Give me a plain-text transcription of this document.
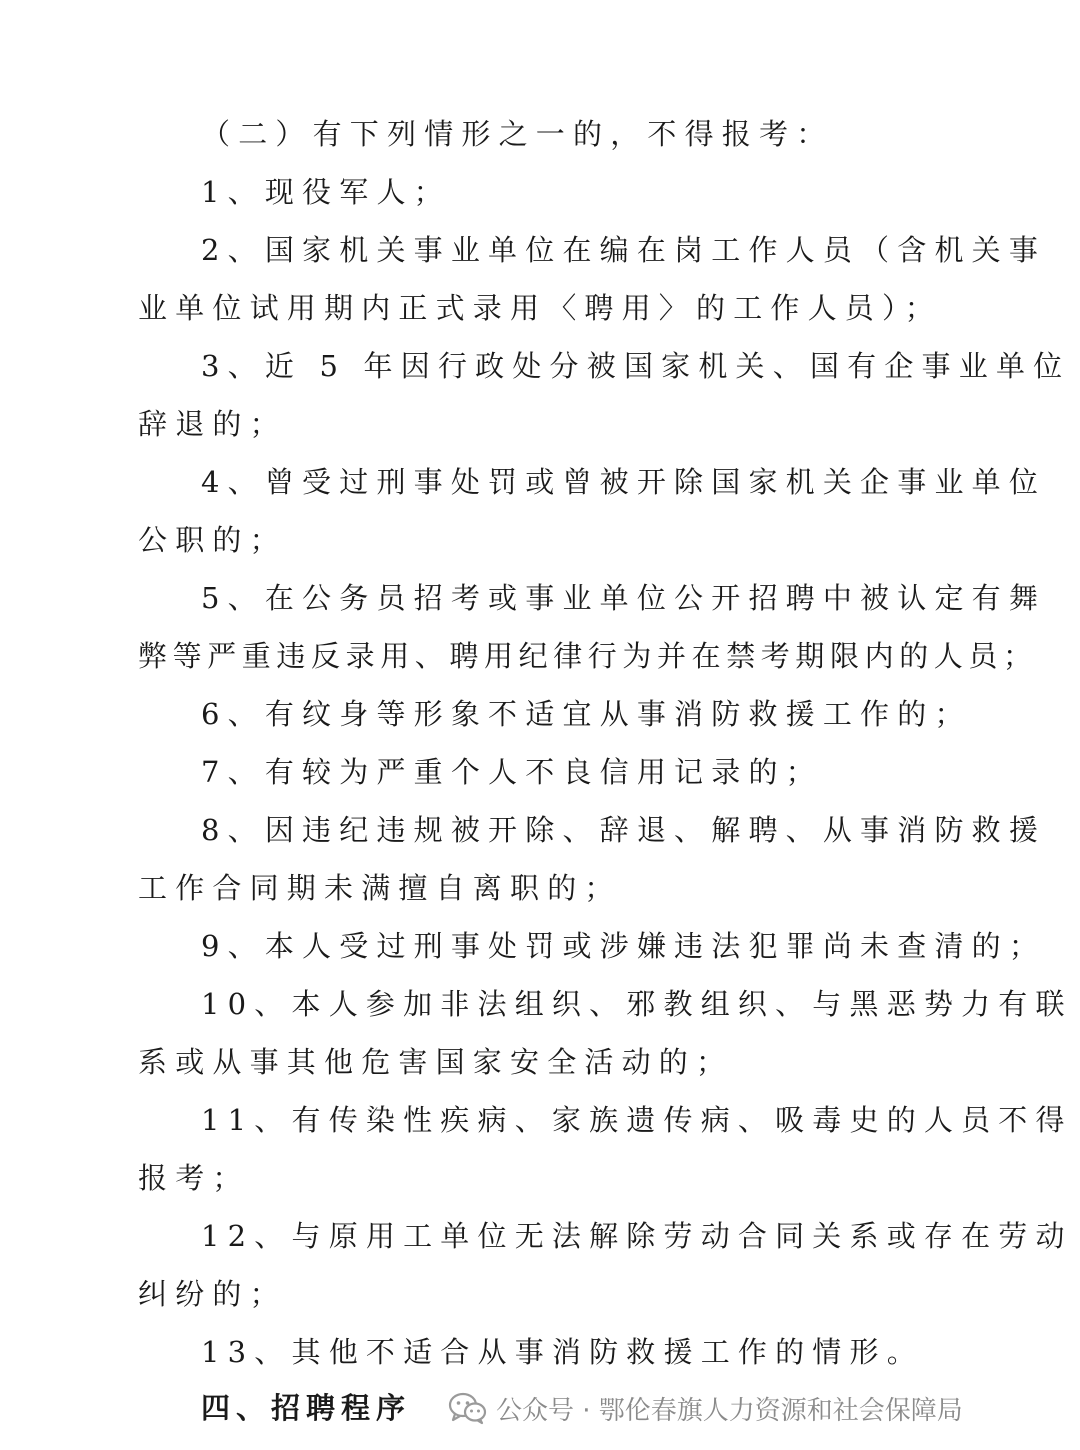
（二）有下列情形之一的，不得报考：
1、现役军人；
2、国家机关事业单位在编在岗工作人员（含机关事
业单位试用期内正式录用〈聘用〉的工作人员）；
3、近 5 年因行政处分被国家机关、国有企事业单位
辞退的；
4、曾受过刑事处罚或曾被开除国家机关企事业单位
公职的；
5、在公务员招考或事业单位公开招聘中被认定有舞
弊等严重违反录用、聘用纪律行为并在禁考期限内的人员；
6、有纹身等形象不适宜从事消防救援工作的；
7、有较为严重个人不良信用记录的；
8、因违纪违规被开除、辞退、解聘、从事消防救援
工作合同期未满擅自离职的；
9、本人受过刑事处罚或涉嫌违法犯罪尚未查清的；
10、本人参加非法组织、邪教组织、与黑恶势力有联
系或从事其他危害国家安全活动的；
11、有传染性疾病、家族遗传病、吸毒史的人员不得
报考；
12、与原用工单位无法解除劳动合同关系或存在劳动
纠纷的；
13、其他不适合从事消防救援工作的情形。
四、招聘程序	公众号 · 鄂伦春旗人力资源和社会保障局
